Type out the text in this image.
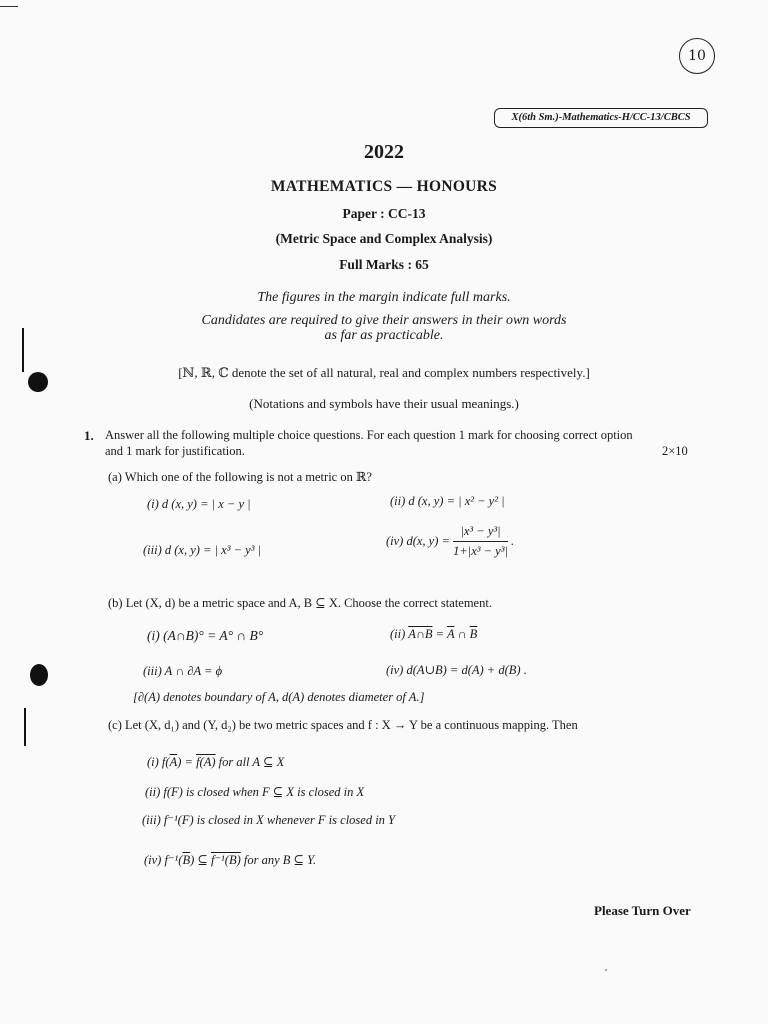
10
X(6th Sm.)-Mathematics-H/CC-13/CBCS
2022
MATHEMATICS — HONOURS
Paper : CC-13
(Metric Space and Complex Analysis)
Full Marks : 65
The figures in the margin indicate full marks.
Candidates are required to give their answers in their own words
as far as practicable.
[ℕ, ℝ, ℂ denote the set of all natural, real and complex numbers respectively.]
(Notations and symbols have their usual meanings.)
1. Answer all the following multiple choice questions. For each question 1 mark for choosing correct option
and 1 mark for justification.	2×10
(a) Which one of the following is not a metric on ℝ?
(i) d (x, y) = | x − y |	(ii) d (x, y) = | x² − y² |
(iii) d (x, y) = | x³ − y³ |
(iv) d(x, $y) = \frac{\text{|x³ − y³|}}{\text{1+|x³ − y³|}}$ .
(b) Let (X, d) be a metric space and A, B ⊆ X. Choose the correct statement.
(i) (A∩B)° = A° ∩ B°	(ii) A∩B = $\overline{A}$ ∩ $\overline{B}$
(iii) A ∩ ∂A = ϕ	(iv) d(A∪B) = d(A) + d(B) .
[∂(A) denotes boundary of A, d(A) denotes diameter of A.]
(c) Let (X, d₁) and (Y, d₂) be two metric spaces and f : X → Y be a continuous mapping. Then
(i) $f(\overline{A}) = f(A)$ for all A ⊆ X
(ii) f(F) is closed when F ⊆ X is closed in X
(iii) f⁻¹(F) is closed in X whenever F is closed in Y
(iv) $f^{-1}(\overline{B})$ ⊆ f⁻¹(B) for any B ⊆ Y.
Please Turn Over
